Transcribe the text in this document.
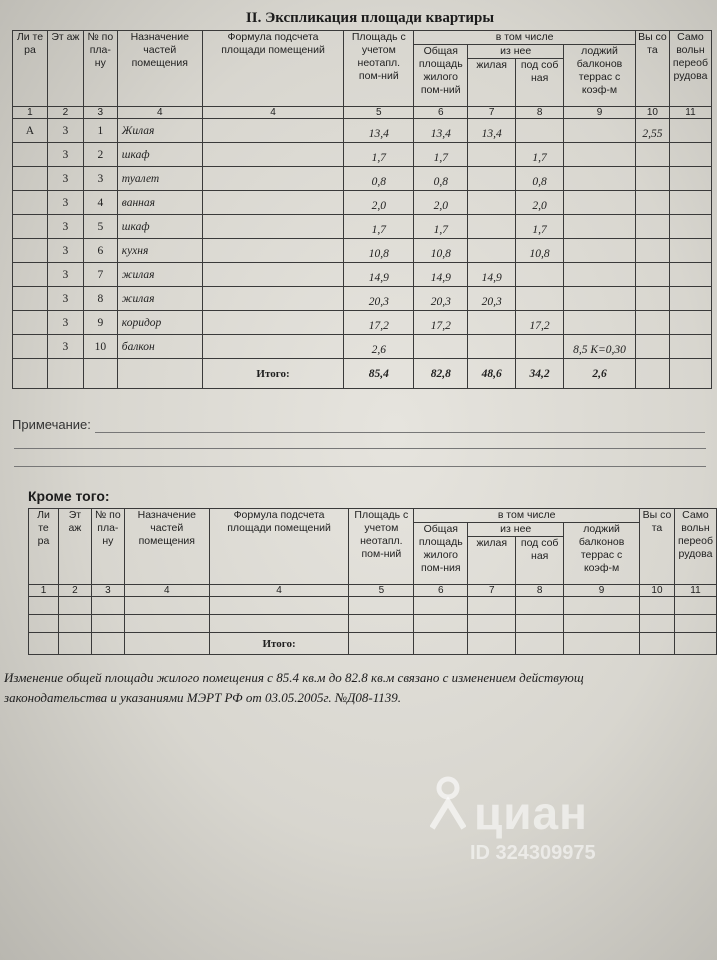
II. Экспликация площади квартиры
Ли те ра	Эт аж	№ по пла- ну	Назначение частей помещения	Формула подсчета площади помещений	Площадь с учетом неотапл. пом-ний	в том числе				Вы со та	Само вольн переоб рудова
						Общая площадь жилого пом-ний	из нее		лоджий балконов террас с коэф-м		
							жилая	под соб ная			
1	2	3	4	4	5	6	7	8	9	10	11
А	3	1	Жилая		13,4	13,4	13,4			2,55	
	3	2	шкаф		1,7	1,7		1,7			
	3	3	туалет		0,8	0,8		0,8			
	3	4	ванная		2,0	2,0		2,0			
	3	5	шкаф		1,7	1,7		1,7			
	3	6	кухня		10,8	10,8		10,8			
	3	7	жилая		14,9	14,9	14,9				
	3	8	жилая		20,3	20,3	20,3				
	3	9	коридор		17,2	17,2		17,2			
	3	10	балкон		2,6				8,5 К=0,30		
				Итого:	85,4	82,8	48,6	34,2	2,6		
Примечание:
Кроме того:
Ли те ра	Эт аж	№ по пла- ну	Назначение частей помещения	Формула подсчета площади помещений	Площадь с учетом неотапл. пом-ний	в том числе				Вы со та	Само вольн переоб рудова
						Общая площадь жилого пом-ния	из нее		лоджий балконов террас с коэф-м		
							жилая	под соб ная			
1	2	3	4	4	5	6	7	8	9	10	11

				Итого:							
Изменение общей площади жилого помещения с 85.4 кв.м до 82.8 кв.м связано с изменением действующ
законодательства и указаниями МЭРТ РФ от 03.05.2005г. №Д08-1139.
циан
ID 324309975
